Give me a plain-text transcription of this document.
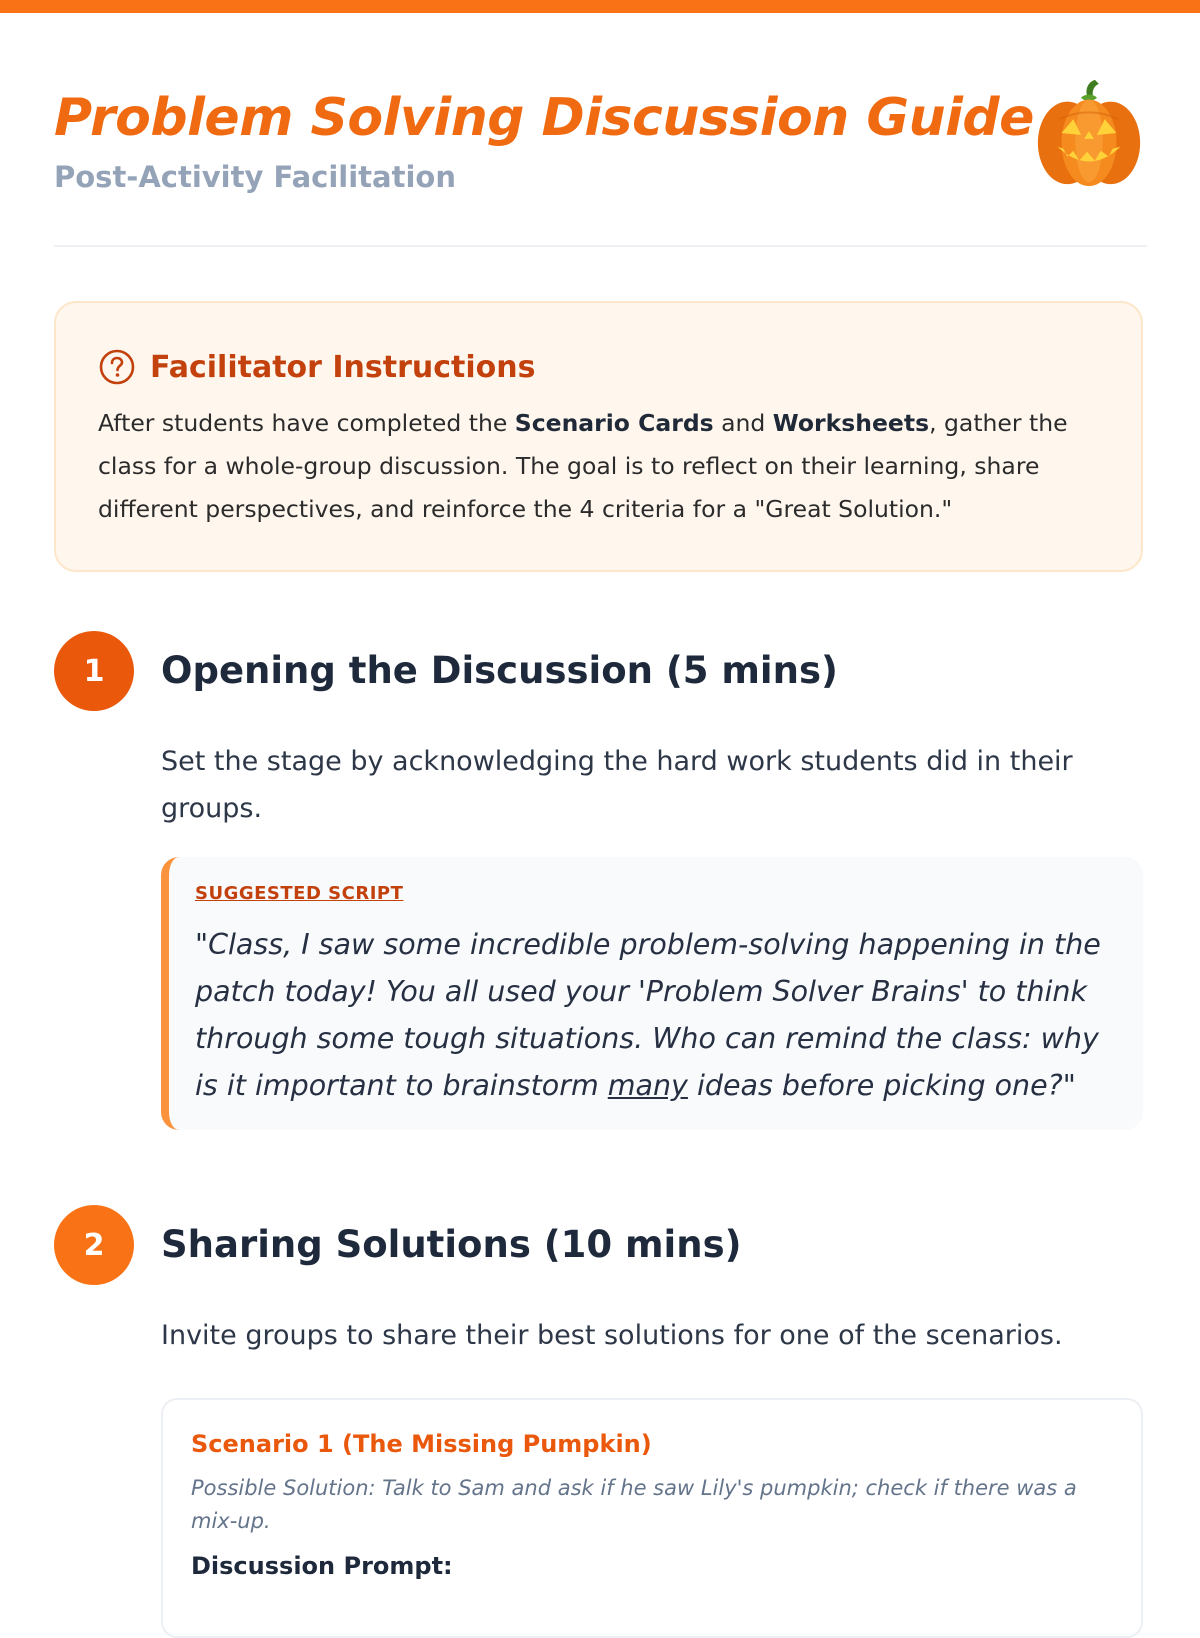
Problem Solving Discussion Guide
Post-Activity Facilitation
Facilitator Instructions
After students have completed the Scenario Cards and Worksheets, gather the class for a whole-group discussion. The goal is to reflect on their learning, share different perspectives, and reinforce the 4 criteria for a "Great Solution."
1	Opening the Discussion (5 mins)

Set the stage by acknowledging the hard work students did in their groups.

SUGGESTED SCRIPT
"Class, I saw some incredible problem-solving happening in the patch today! You all used your 'Problem Solver Brains' to think through some tough situations. Who can remind the class: why is it important to brainstorm many ideas before picking one?"
2	Sharing Solutions (10 mins)

Invite groups to share their best solutions for one of the scenarios.

Scenario 1 (The Missing Pumpkin)
Possible Solution: Talk to Sam and ask if he saw Lily's pumpkin; check if there was a mix-up.
Discussion Prompt:
